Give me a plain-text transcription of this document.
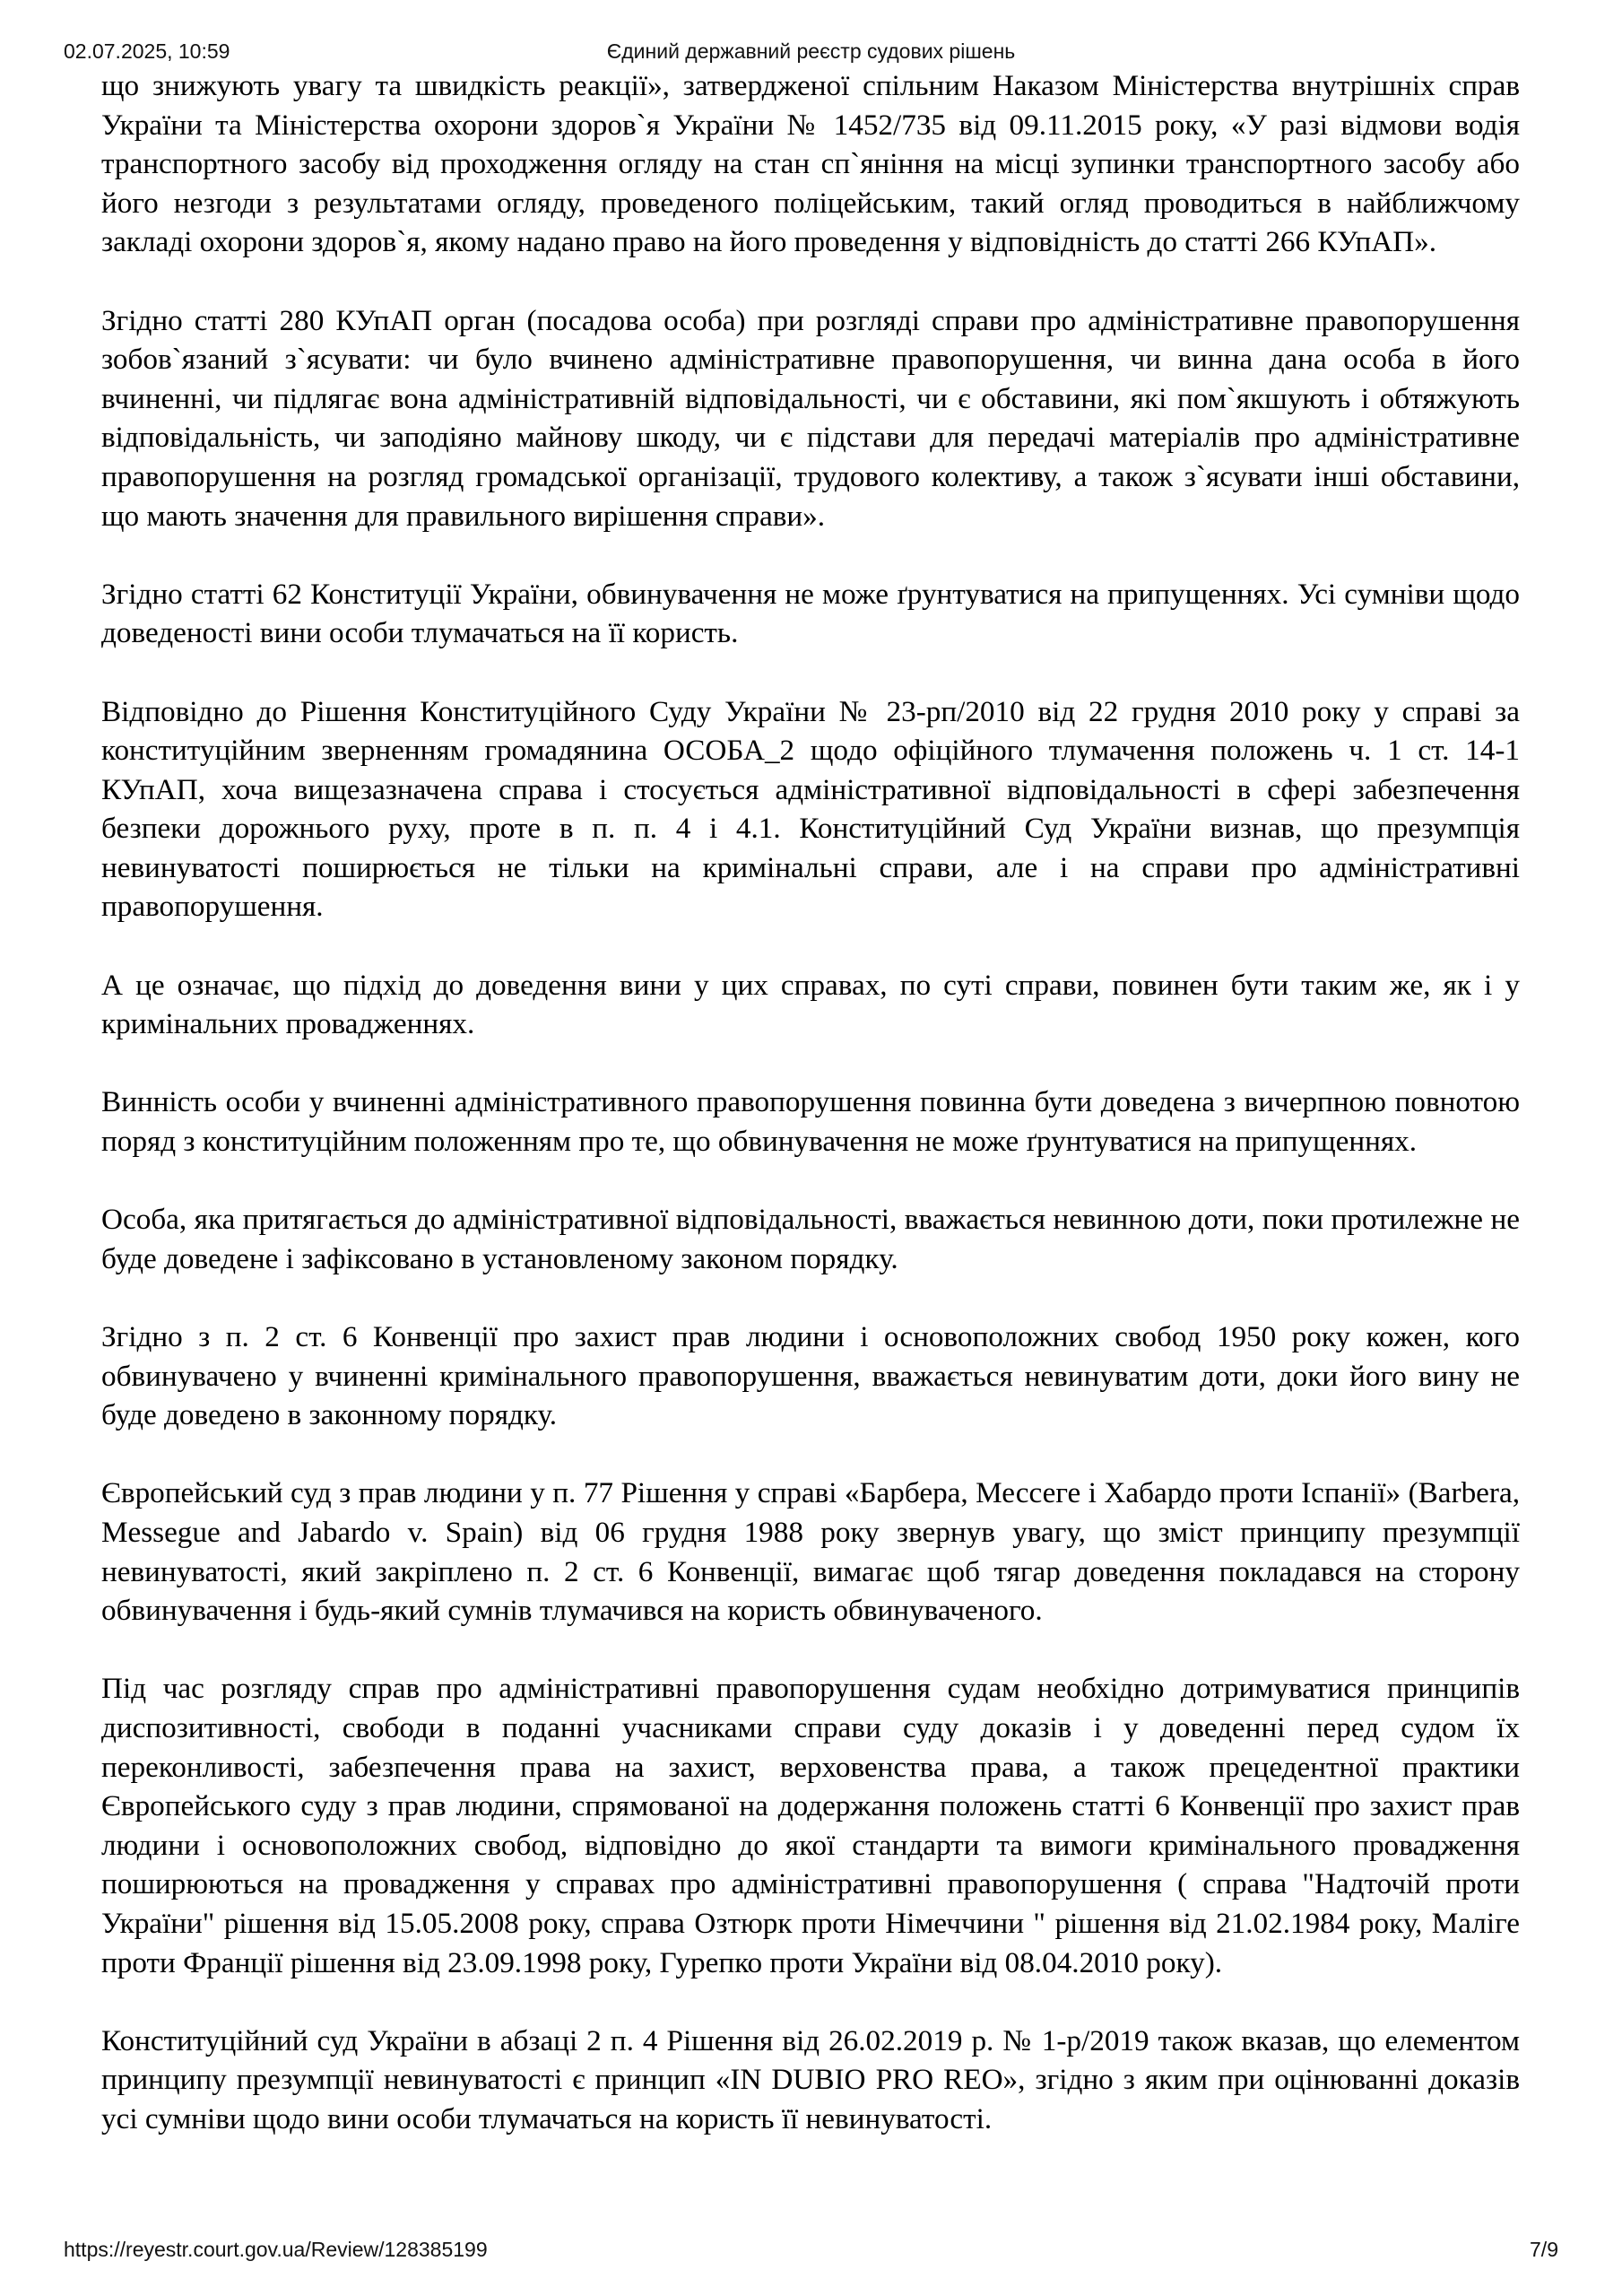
02.07.2025, 10:59	Єдиний державний реєстр судових рішень

що знижують увагу та швидкість реакції», затвердженої спільним Наказом Міністерства внутрішніх справ України та Міністерства охорони здоров`я України № 1452/735 від 09.11.2015 року, «У разі відмови водія транспортного засобу від проходження огляду на стан сп`яніння на місці зупинки транспортного засобу або його незгоди з результатами огляду, проведеного поліцейським, такий огляд проводиться в найближчому закладі охорони здоров`я, якому надано право на його проведення у відповідність до статті 266 КУпАП».

Згідно статті 280 КУпАП орган (посадова особа) при розгляді справи про адміністративне правопорушення зобов`язаний з`ясувати: чи було вчинено адміністративне правопорушення, чи винна дана особа в його вчиненні, чи підлягає вона адміністративній відповідальності, чи є обставини, які пом`якшують і обтяжують відповідальність, чи заподіяно майнову шкоду, чи є підстави для передачі матеріалів про адміністративне правопорушення на розгляд громадської організації, трудового колективу, а також з`ясувати інші обставини, що мають значення для правильного вирішення справи».

Згідно статті 62 Конституції України, обвинувачення не може ґрунтуватися на припущеннях. Усі сумніви щодо доведеності вини особи тлумачаться на її користь.

Відповідно до Рішення Конституційного Суду України № 23-рп/2010 від 22 грудня 2010 року у справі за конституційним зверненням громадянина ОСОБА_2 щодо офіційного тлумачення положень ч. 1 ст. 14-1 КУпАП, хоча вищезазначена справа і стосується адміністративної відповідальності в сфері забезпечення безпеки дорожнього руху, проте в п. п. 4 і 4.1. Конституційний Суд України визнав, що презумпція невинуватості поширюється не тільки на кримінальні справи, але і на справи про адміністративні правопорушення.

А це означає, що підхід до доведення вини у цих справах, по суті справи, повинен бути таким же, як і у кримінальних провадженнях.

Винність особи у вчиненні адміністративного правопорушення повинна бути доведена з вичерпною повнотою поряд з конституційним положенням про те, що обвинувачення не може ґрунтуватися на припущеннях.

Особа, яка притягається до адміністративної відповідальності, вважається невинною доти, поки протилежне не буде доведене і зафіксовано в установленому законом порядку.

Згідно з п. 2 ст. 6 Конвенції про захист прав людини і основоположних свобод 1950 року кожен, кого обвинувачено у вчиненні кримінального правопорушення, вважається невинуватим доти, доки його вину не буде доведено в законному порядку.

Європейський суд з прав людини у п. 77 Рішення у справі «Барбера, Мессеге і Хабардо проти Іспанії» (Barbera, Messegue and Jabardo v. Spain) від 06 грудня 1988 року звернув увагу, що зміст принципу презумпції невинуватості, який закріплено п. 2 ст. 6 Конвенції, вимагає щоб тягар доведення покладався на сторону обвинувачення і будь-який сумнів тлумачився на користь обвинуваченого.

Під час розгляду справ про адміністративні правопорушення судам необхідно дотримуватися принципів диспозитивності, свободи в поданні учасниками справи суду доказів і у доведенні перед судом їх переконливості, забезпечення права на захист, верховенства права, а також прецедентної практики Європейського суду з прав людини, спрямованої на додержання положень статті 6 Конвенції про захист прав людини і основоположних свобод, відповідно до якої стандарти та вимоги кримінального провадження поширюються на провадження у справах про адміністративні правопорушення ( справа "Надточій проти України" рішення від 15.05.2008 року, справа Озтюрк проти Німеччини " рішення від 21.02.1984 року, Маліге проти Франції рішення від 23.09.1998 року, Гурепко проти України від 08.04.2010 року).

Конституційний суд України в абзаці 2 п. 4 Рішення від 26.02.2019 р. № 1-р/2019 також вказав, що елементом принципу презумпції невинуватості є принцип «IN DUBIO PRO REO», згідно з яким при оцінюванні доказів усі сумніви щодо вини особи тлумачаться на користь її невинуватості.

https://reyestr.court.gov.ua/Review/128385199	7/9
